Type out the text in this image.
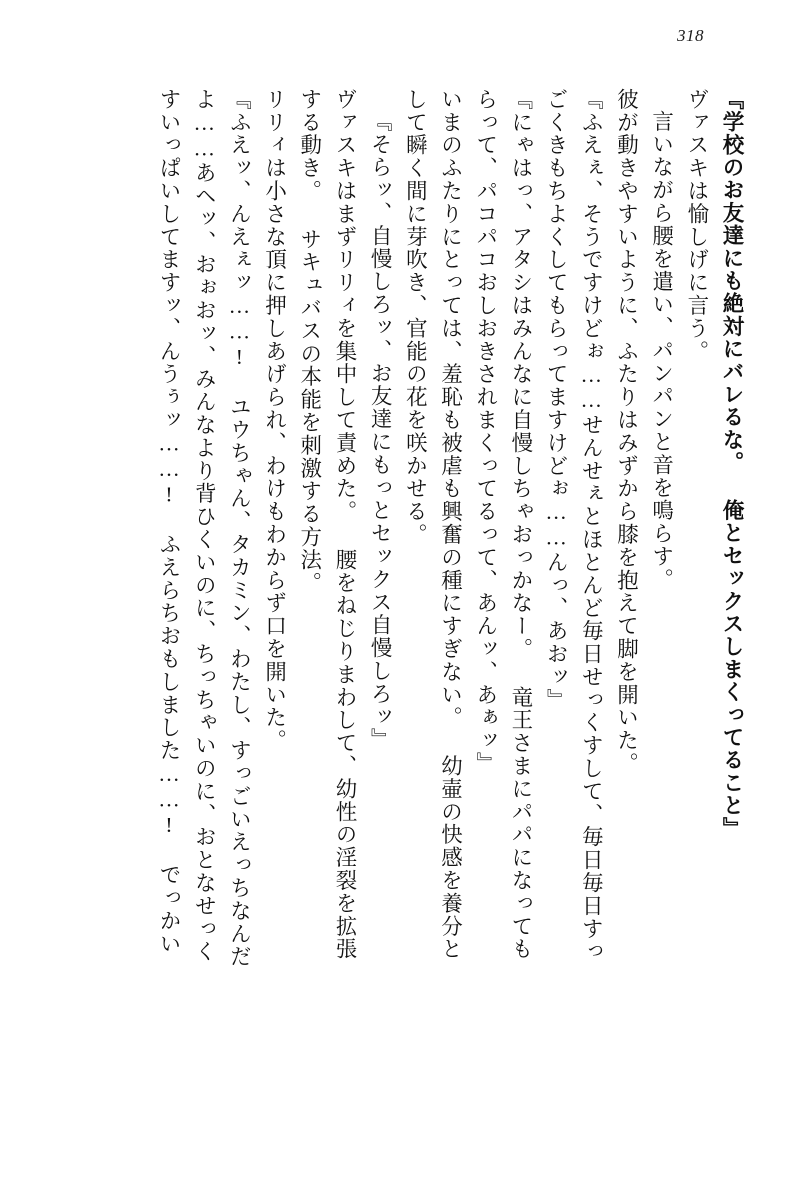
318
『学校のお友達にも絶対にバレるな。 俺とセックスしまくってること』
ヴァスキは愉しげに言う。
言いながら腰を遣い、パンパンと音を鳴らす。
彼が動きやすいように、ふたりはみずから膝を抱えて脚を開いた。
『ふえぇ、そうですけどぉ……せんせぇとほとんど毎日せっくすして、毎日毎日すっ
ごくきもちよくしてもらってますけどぉ……んっ、あおッ』
『にゃはっ、アタシはみんなに自慢しちゃおっかなー。 竜王さまにパパになっても
らって、パコパコおしおきされまくってるって、あんッ、あぁッ』
いまのふたりにとっては、羞恥も被虐も興奮の種にすぎない。 幼壷の快感を養分と
して瞬く間に芽吹き、官能の花を咲かせる。
『そらッ、自慢しろッ、お友達にもっとセックス自慢しろッ』
ヴァスキはまずリリィを集中して責めた。 腰をねじりまわして、幼性の淫裂を拡張
する動き。 サキュバスの本能を刺激する方法。
リリィは小さな頂に押しあげられ、わけもわからず口を開いた。
『ふえッ、んえぇッ……! ユウちゃん、タカミン、わたし、すっごいえっちなんだ
よ……あヘッ、おぉおッ、みんなより背ひくいのに、ちっちゃいのに、おとなせっく
すいっぱいしてますッ、んうぅッ……! ふえらちおもしました……! でっかい
